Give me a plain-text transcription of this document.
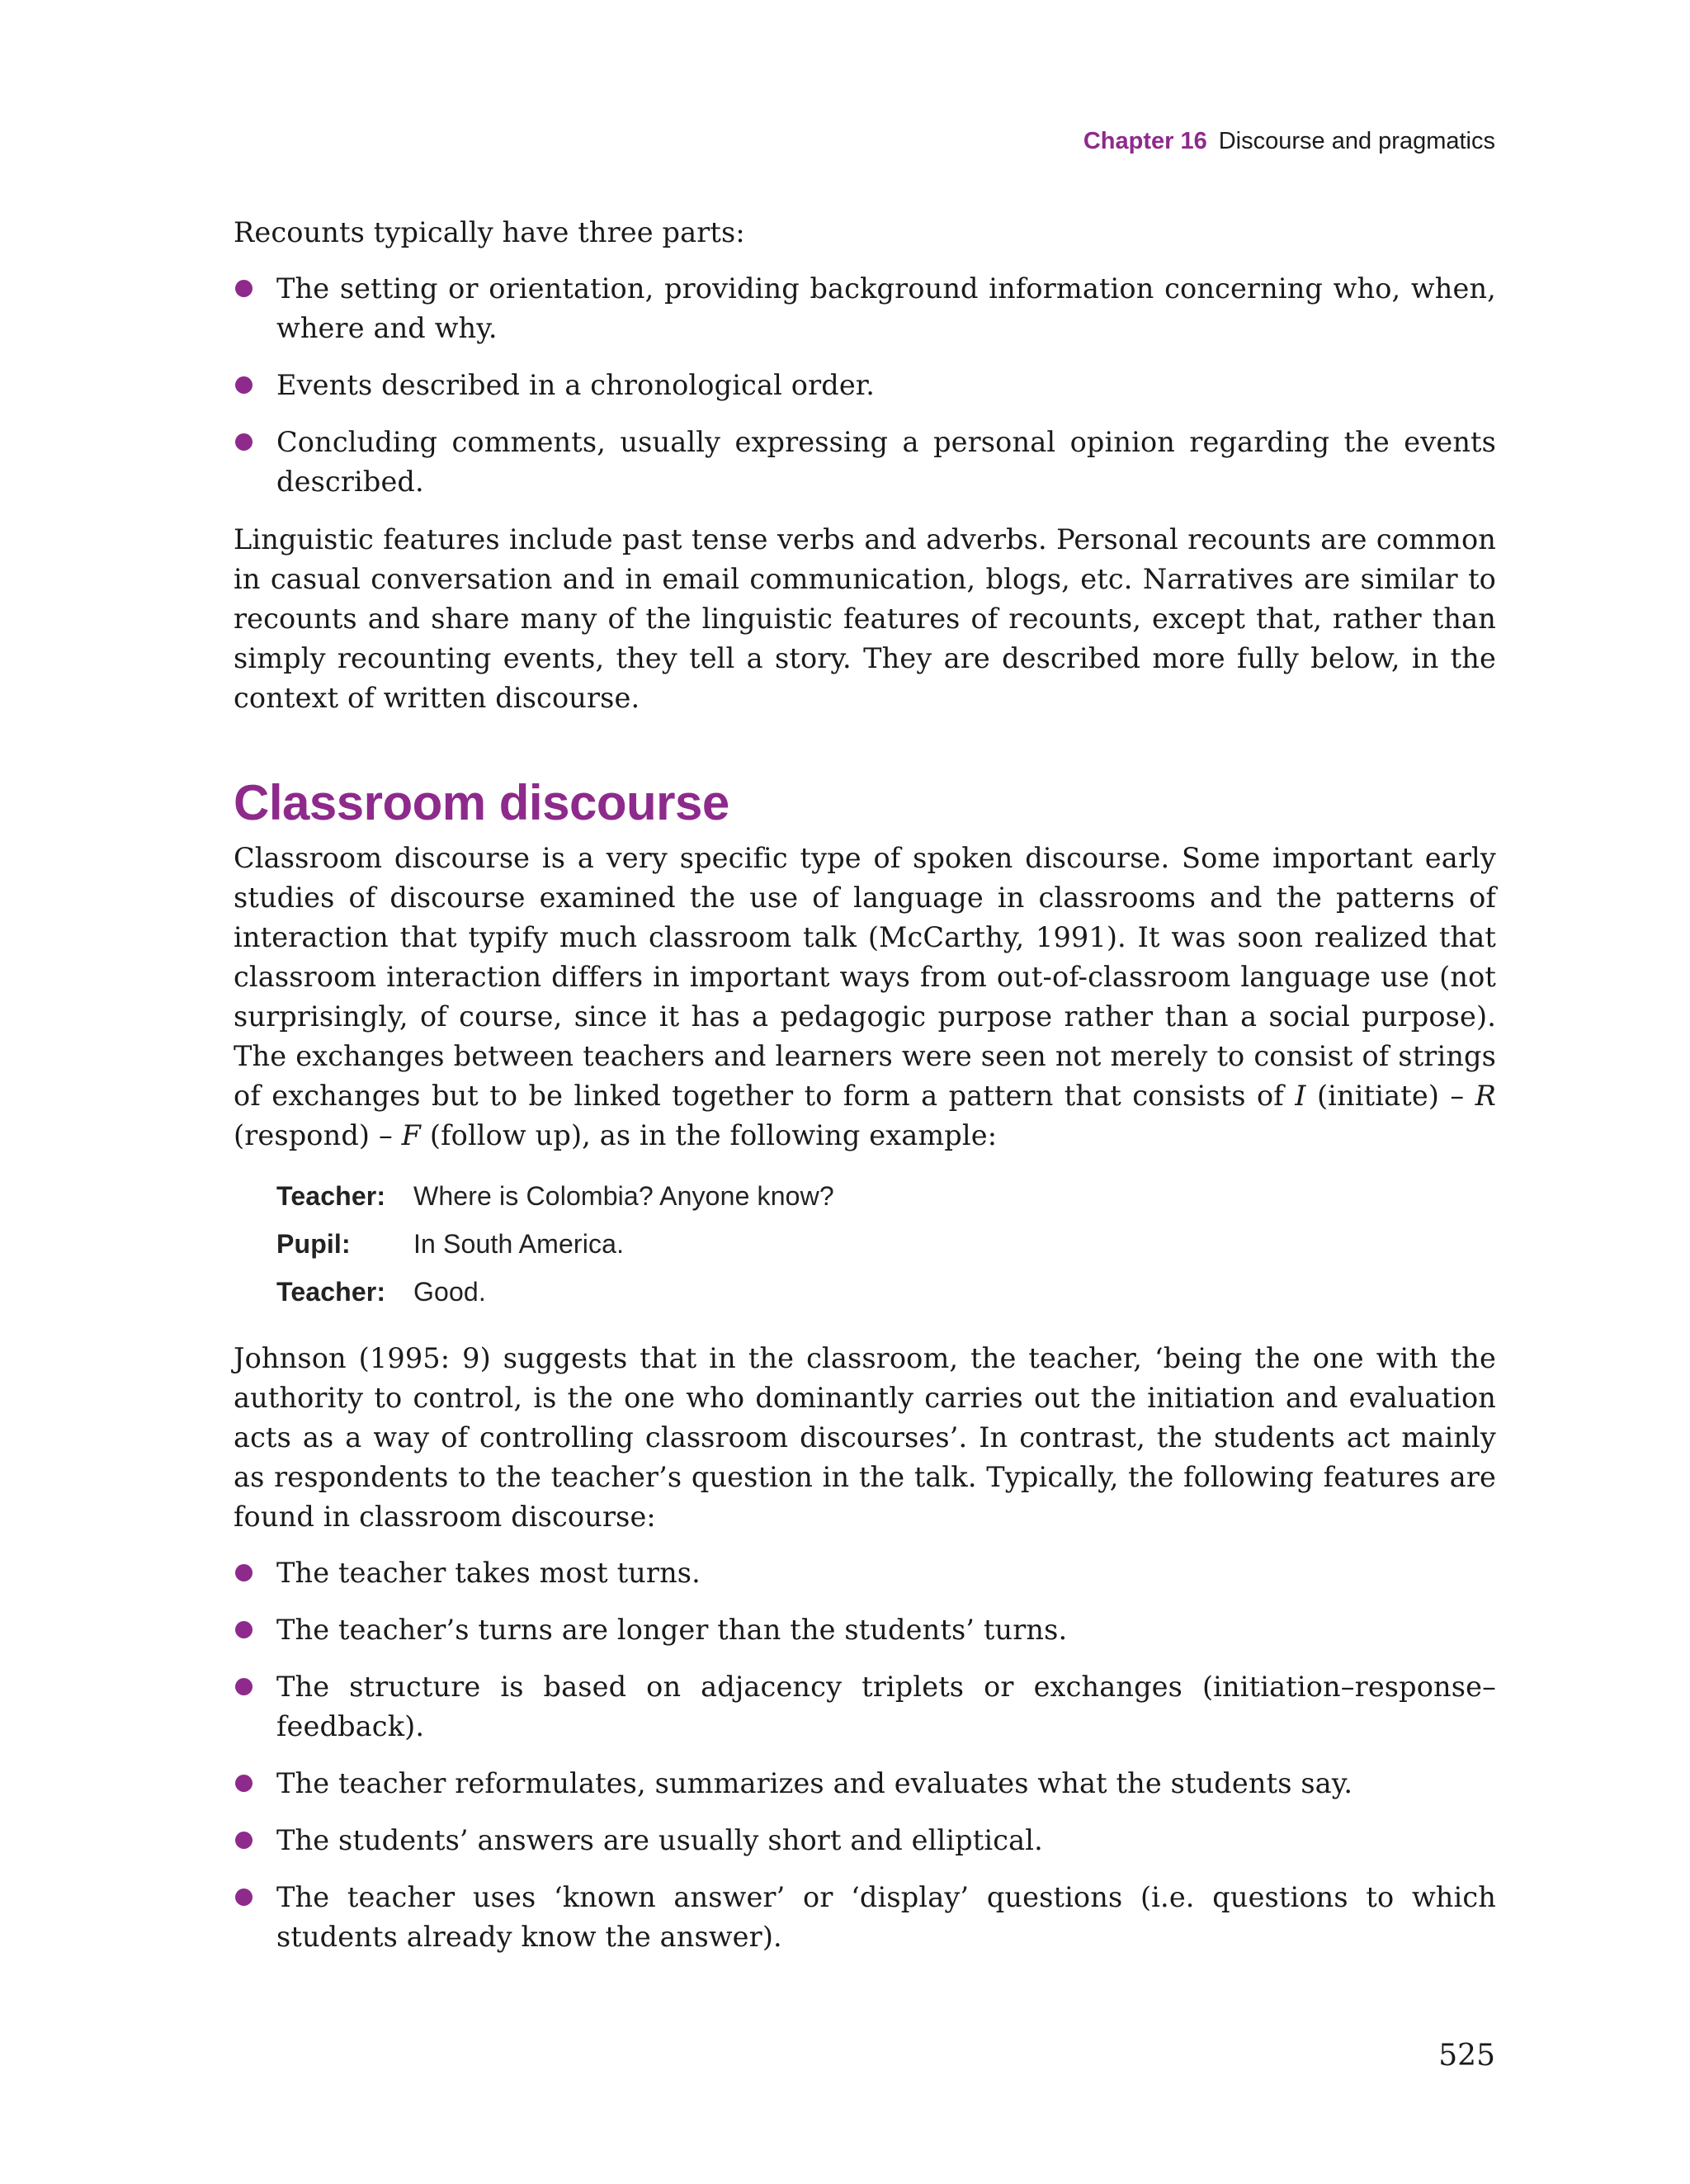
Chapter 16 Discourse and pragmatics

Recounts typically have three parts:

The setting or orientation, providing background information concerning who, when, where and why.
Events described in a chronological order.
Concluding comments, usually expressing a personal opinion regarding the events described.

Linguistic features include past tense verbs and adverbs. Personal recounts are common in casual conversation and in email communication, blogs, etc. Narratives are similar to recounts and share many of the linguistic features of recounts, except that, rather than simply recounting events, they tell a story. They are described more fully below, in the context of written discourse.

Classroom discourse

Classroom discourse is a very specific type of spoken discourse. Some important early studies of discourse examined the use of language in classrooms and the patterns of interaction that typify much classroom talk (McCarthy, 1991). It was soon realized that classroom interaction differs in important ways from out-of-classroom language use (not surprisingly, of course, since it has a pedagogic purpose rather than a social purpose). The exchanges between teachers and learners were seen not merely to consist of strings of exchanges but to be linked together to form a pattern that consists of I (initiate) – R (respond) – F (follow up), as in the following example:

Teacher:	Where is Colombia? Anyone know?
Pupil:	In South America.
Teacher:	Good.

Johnson (1995: 9) suggests that in the classroom, the teacher, ‘being the one with the authority to control, is the one who dominantly carries out the initiation and evaluation acts as a way of controlling classroom discourses’. In contrast, the students act mainly as respondents to the teacher’s question in the talk. Typically, the following features are found in classroom discourse:

The teacher takes most turns.
The teacher’s turns are longer than the students’ turns.
The structure is based on adjacency triplets or exchanges (initiation–response–feedback).
The teacher reformulates, summarizes and evaluates what the students say.
The students’ answers are usually short and elliptical.
The teacher uses ‘known answer’ or ‘display’ questions (i.e. questions to which students already know the answer).
525
